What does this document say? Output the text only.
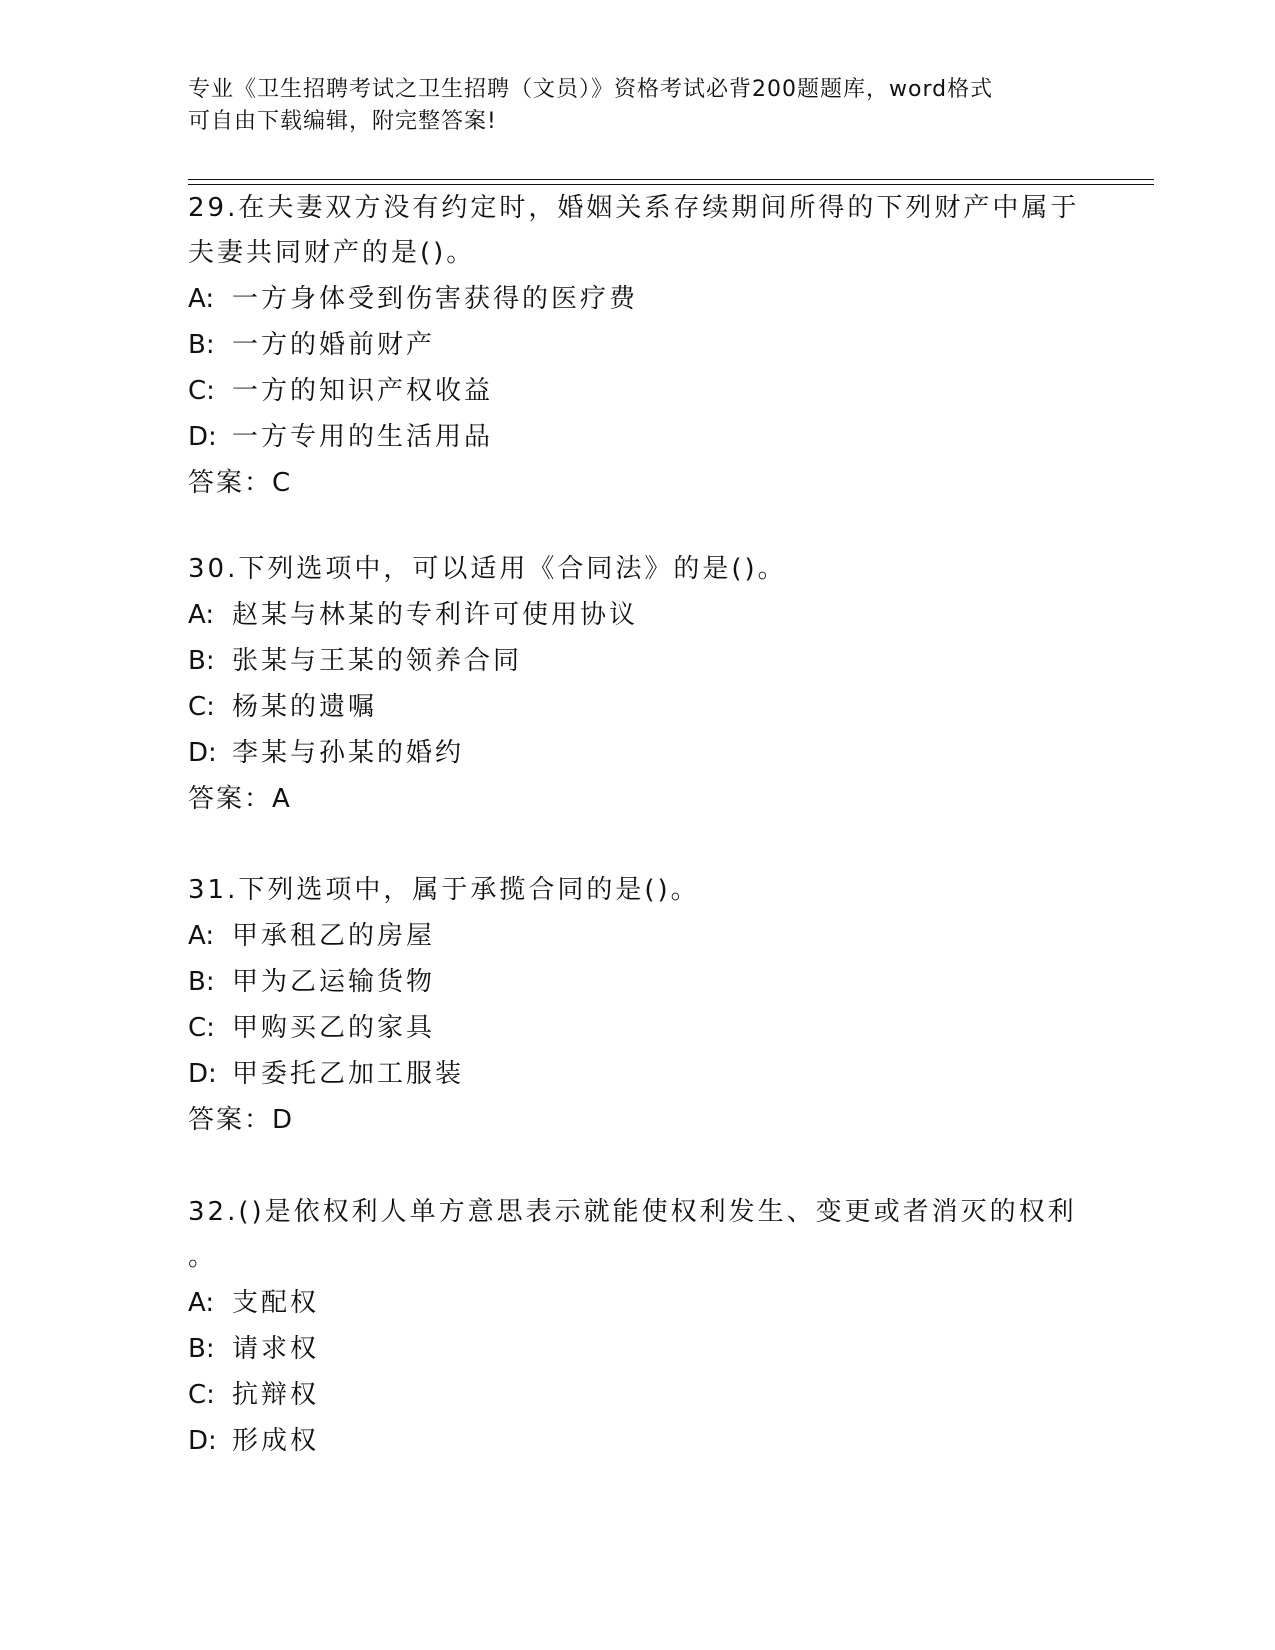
专业《卫生招聘考试之卫生招聘（文员）》资格考试必背200题题库，word格式
可自由下载编辑，附完整答案!

29.在夫妻双方没有约定时，婚姻关系存续期间所得的下列财产中属于

夫妻共同财产的是()。

A: 一方身体受到伤害获得的医疗费

B: 一方的婚前财产

C: 一方的知识产权收益

D: 一方专用的生活用品

答案：C

30.下列选项中，可以适用《合同法》的是()。

A: 赵某与林某的专利许可使用协议

B: 张某与王某的领养合同

C: 杨某的遗嘱

D: 李某与孙某的婚约

答案：A

31.下列选项中，属于承揽合同的是()。

A: 甲承租乙的房屋

B: 甲为乙运输货物

C: 甲购买乙的家具

D: 甲委托乙加工服装

答案：D

32.()是依权利人单方意思表示就能使权利发生、变更或者消灭的权利

。

A: 支配权

B: 请求权

C: 抗辩权

D: 形成权
